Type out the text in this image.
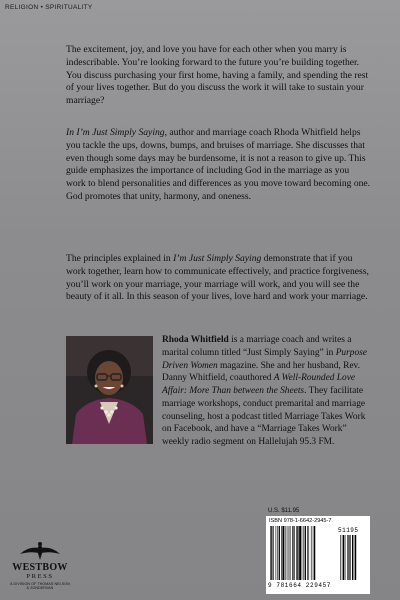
RELIGION • SPIRITUALITY

The excitement, joy, and love you have for each other when you marry is indescribable. You’re looking forward to the future you’re building together. You discuss purchasing your first home, having a family, and spending the rest of your lives together. But do you discuss the work it will take to sustain your marriage?

In I’m Just Simply Saying, author and marriage coach Rhoda Whitfield helps you tackle the ups, downs, bumps, and bruises of marriage. She discusses that even though some days may be burdensome, it is not a reason to give up. This guide emphasizes the importance of including God in the marriage as you work to blend personalities and differences as you move toward becoming one. God promotes that unity, harmony, and oneness.

The principles explained in I’m Just Simply Saying demonstrate that if you work together, learn how to communicate effectively, and practice forgiveness, you’ll work on your marriage, your marriage will work, and you will see the beauty of it all. In this season of your lives, love hard and work your marriage.

Rhoda Whitfield is a marriage coach and writes a marital column titled “Just Simply Saying” in Purpose Driven Women magazine. She and her husband, Rev. Danny Whitfield, coauthored A Well-Rounded Love Affair: More Than between the Sheets. They facilitate marriage workshops, conduct premarital and marriage counseling, host a podcast titled Marriage Takes Work on Facebook, and have a “Marriage Takes Work” weekly radio segment on Hallelujah 95.3 FM.

U.S. $11.95
ISBN 978-1-6642-2945-7
51195
9 781664 229457
WESTBOW
PRESS
A DIVISION OF THOMAS NELSON
& ZONDERVAN
